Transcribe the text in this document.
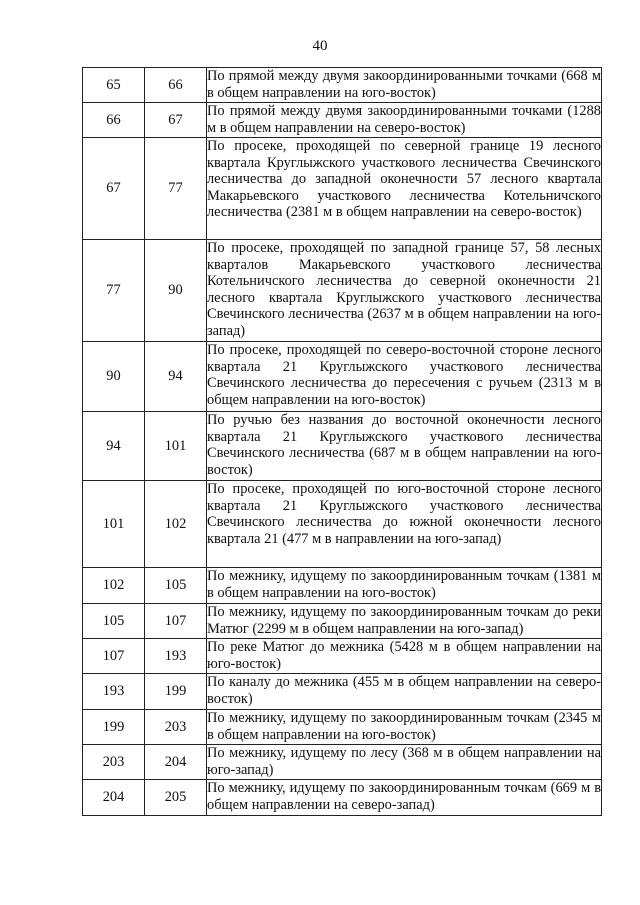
40
65	66	По прямой между двумя закоординированными точками (668 м в общем направлении на юго-восток)
66	67	По прямой между двумя закоординированными точками (1288 м в общем направлении на северо-восток)
67	77	По просеке, проходящей по северной границе 19 лесного квартала Круглыжского участкового лесничества Свечинского лесничества до западной оконечности 57 лесного квартала Макарьевского участкового лесничества Котельничского лесничества (2381 м в общем направлении на северо-восток)
77	90	По просеке, проходящей по западной границе 57, 58 лесных кварталов Макарьевского участкового лесничества Котельничского лесничества до северной оконечности 21 лесного квартала Круглыжского участкового лесничества Свечинского лесничества (2637 м в общем направлении на юго-запад)
90	94	По просеке, проходящей по северо-восточной стороне лесного квартала 21 Круглыжского участкового лесничества Свечинского лесничества до пересечения с ручьем (2313 м в общем направлении на юго-восток)
94	101	По ручью без названия до восточной оконечности лесного квартала 21 Круглыжского участкового лесничества Свечинского лесничества (687 м в общем направлении на юго-восток)
101	102	По просеке, проходящей по юго-восточной стороне лесного квартала 21 Круглыжского участкового лесничества Свечинского лесничества до южной оконечности лесного квартала 21 (477 м в направлении на юго-запад)
102	105	По межнику, идущему по закоординированным точкам (1381 м в общем направлении на юго-восток)
105	107	По межнику, идущему по закоординированным точкам до реки Матюг (2299 м в общем направлении на юго-запад)
107	193	По реке Матюг до межника (5428 м в общем направлении на юго-восток)
193	199	По каналу до межника (455 м в общем направлении на северо-восток)
199	203	По межнику, идущему по закоординированным точкам (2345 м в общем направлении на юго-восток)
203	204	По межнику, идущему по лесу (368 м в общем направлении на юго-запад)
204	205	По межнику, идущему по закоординированным точкам (669 м в общем направлении на северо-запад)
